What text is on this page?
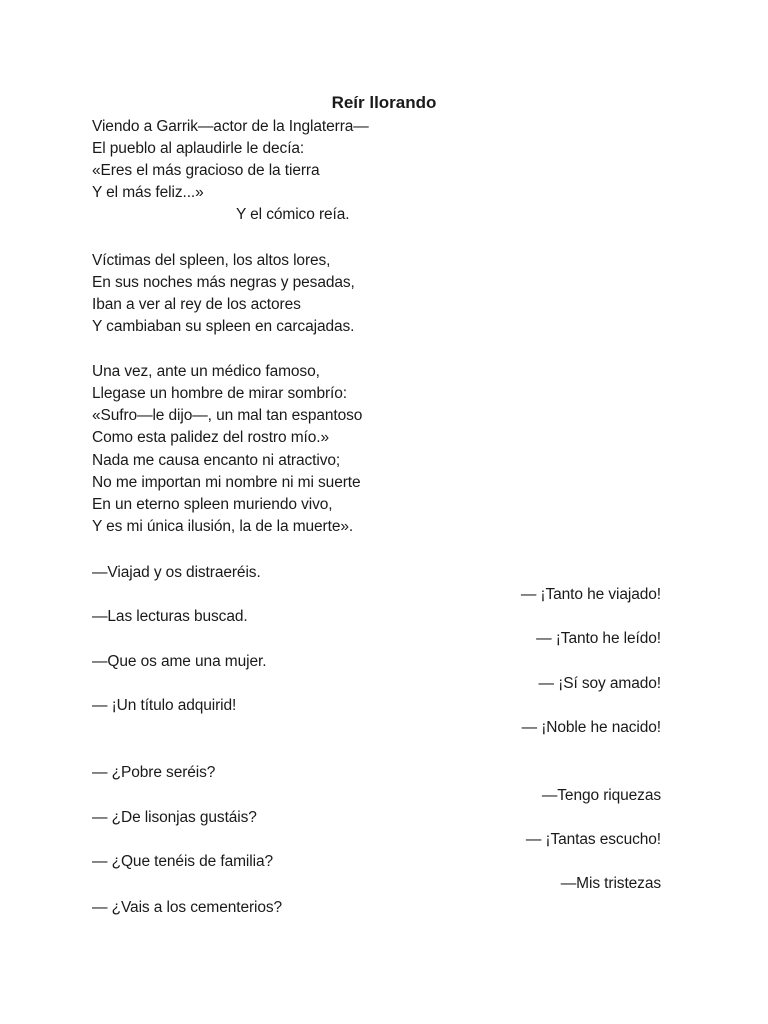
Reír llorando
Viendo a Garrik—actor de la Inglaterra—
El pueblo al aplaudirle le decía:
«Eres el más gracioso de la tierra
Y el más feliz...»
Y el cómico reía.
Víctimas del spleen, los altos lores,
En sus noches más negras y pesadas,
Iban a ver al rey de los actores
Y cambiaban su spleen en carcajadas.
Una vez, ante un médico famoso,
Llegase un hombre de mirar sombrío:
«Sufro—le dijo—, un mal tan espantoso
Como esta palidez del rostro mío.»
Nada me causa encanto ni atractivo;
No me importan mi nombre ni mi suerte
En un eterno spleen muriendo vivo,
Y es mi única ilusión, la de la muerte».
—Viajad y os distraeréis.
— ¡Tanto he viajado!
—Las lecturas buscad.
— ¡Tanto he leído!
—Que os ame una mujer.
— ¡Sí soy amado!
— ¡Un título adquirid!
— ¡Noble he nacido!
— ¿Pobre seréis?
—Tengo riquezas
— ¿De lisonjas gustáis?
— ¡Tantas escucho!
— ¿Que tenéis de familia?
—Mis tristezas
— ¿Vais a los cementerios?
